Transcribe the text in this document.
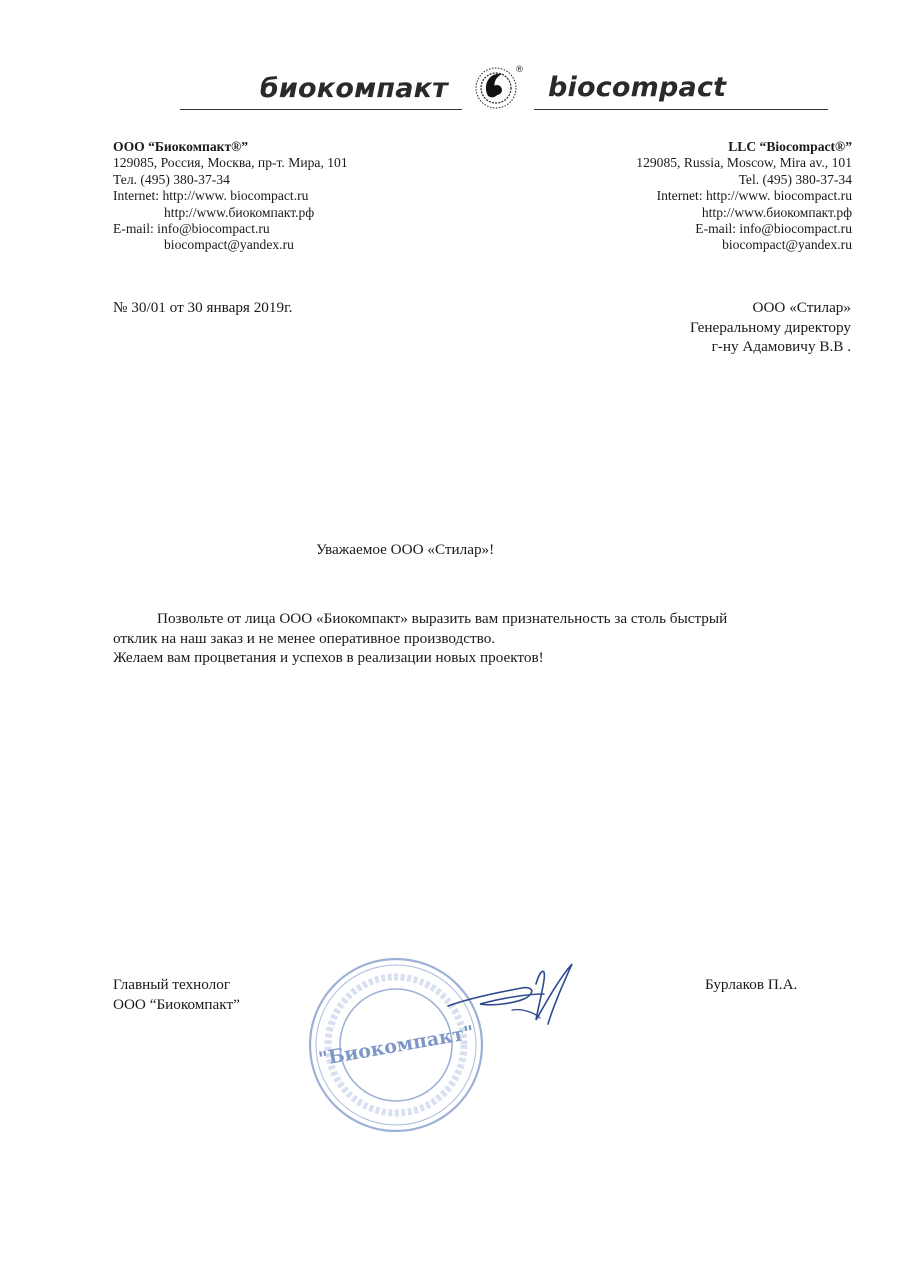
биокомпакт
®
biocompact
ООО “Биокомпакт®”
129085, Россия, Москва, пр-т. Мира, 101
Тел. (495) 380-37-34
Internet: http://www. biocompact.ru
http://www.биокомпакт.рф
E-mail: info@biocompact.ru
biocompact@yandex.ru
LLC “Biocompact®”
129085, Russia, Moscow, Mira av., 101
Tel. (495) 380-37-34
Internet: http://www. biocompact.ru
http://www.биокомпакт.рф
E-mail: info@biocompact.ru
biocompact@yandex.ru
№ 30/01 от 30 января 2019г.	ООО «Стилар»
Генеральному директору
г-ну Адамовичу В.В .
Уважаемое ООО «Стилар»!
Позвольте от лица ООО «Биокомпакт» выразить вам признательность за столь быстрый
отклик на наш заказ и не менее оперативное производство.
Желаем вам процветания и успехов в реализации новых проектов!
"Биокомпакт"
Главный технолог
ООО “Биокомпакт”
Бурлаков П.А.
